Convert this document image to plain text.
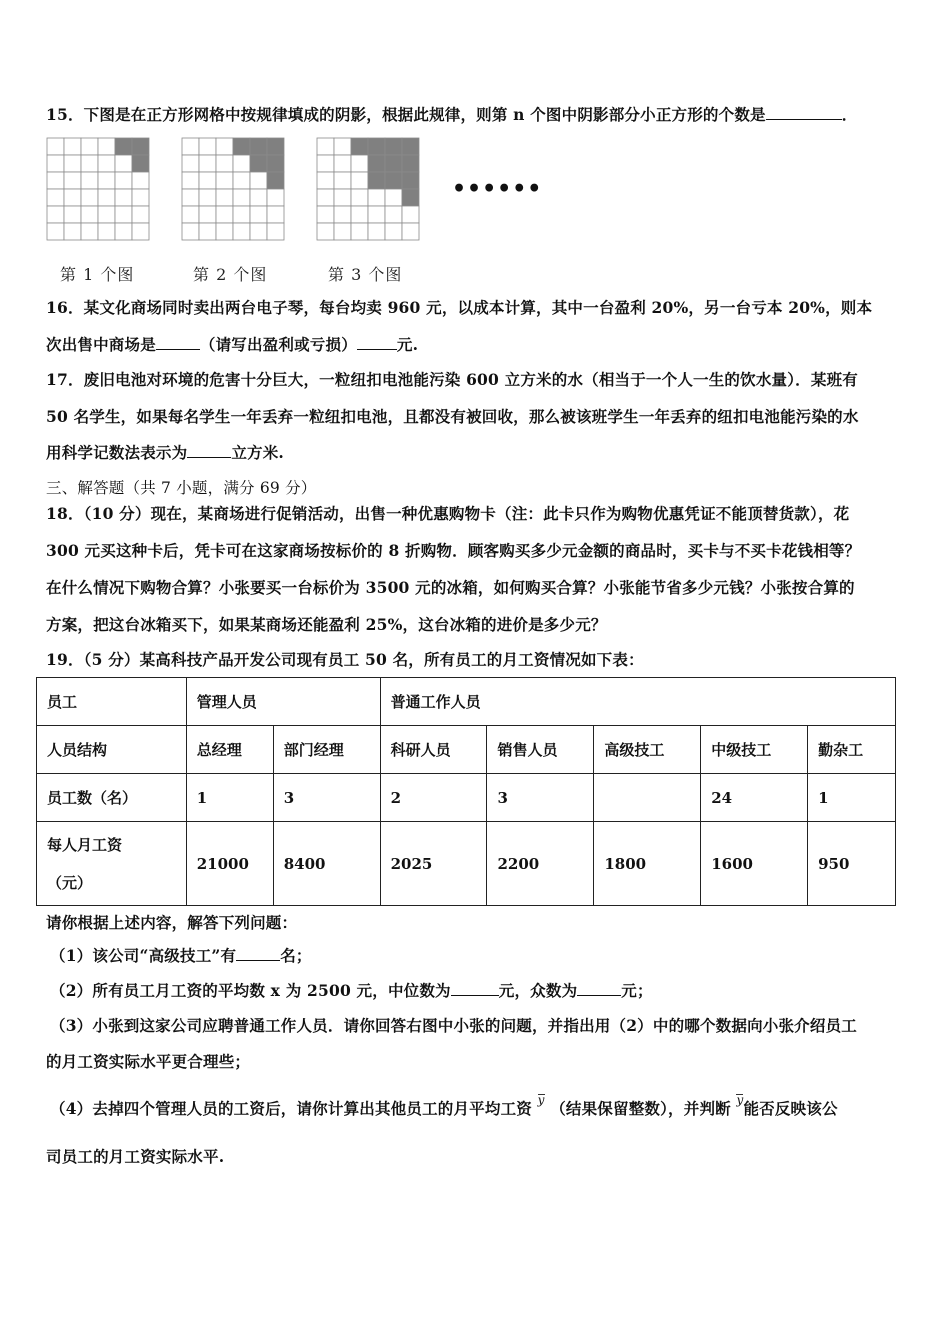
15．下图是在正方形网格中按规律填成的阴影，根据此规律，则第 n 个图中阴影部分小正方形的个数是	．
••••••
第 1 个图	第 2 个图	第 3 个图
16．某文化商场同时卖出两台电子琴，每台均卖 960 元，以成本计算，其中一台盈利 20%，另一台亏本 20%，则本
次出售中商场是	（请写出盈利或亏损）	元.
17．废旧电池对环境的危害十分巨大，一粒纽扣电池能污染 600 立方米的水（相当于一个人一生的饮水量）．某班有
50 名学生，如果每名学生一年丢弃一粒纽扣电池，且都没有被回收，那么被该班学生一年丢弃的纽扣电池能污染的水
用科学记数法表示为	立方米.
三、解答题（共 7 小题，满分 69 分）
18．（10 分）现在，某商场进行促销活动，出售一种优惠购物卡（注：此卡只作为购物优惠凭证不能顶替货款），花
300 元买这种卡后，凭卡可在这家商场按标价的 8 折购物．顾客购买多少元金额的商品时，买卡与不买卡花钱相等？
在什么情况下购物合算？小张要买一台标价为 3500 元的冰箱，如何购买合算？小张能节省多少元钱？小张按合算的
方案，把这台冰箱买下，如果某商场还能盈利 25%，这台冰箱的进价是多少元？
19．（5 分）某高科技产品开发公司现有员工 50 名，所有员工的月工资情况如下表：
员工	管理人员		普通工作人员				
人员结构	总经理	部门经理	科研人员	销售人员	高级技工	中级技工	勤杂工
员工数（名）	1	3	2	3		24	1

每人月工资
（元）	21000	8400	2025	2200	1800	1600	950
请你根据上述内容，解答下列问题：
（1）该公司“高级技工”有	名；
（2）所有员工月工资的平均数 x 为 2500 元，中位数为	元，众数为	元；
（3）小张到这家公司应聘普通工作人员．请你回答右图中小张的问题，并指出用（2）中的哪个数据向小张介绍员工
的月工资实际水平更合理些；
（4）去掉四个管理人员的工资后，请你计算出其他员工的月平均工资 y （结果保留整数），并判断 y能否反映该公
司员工的月工资实际水平.
